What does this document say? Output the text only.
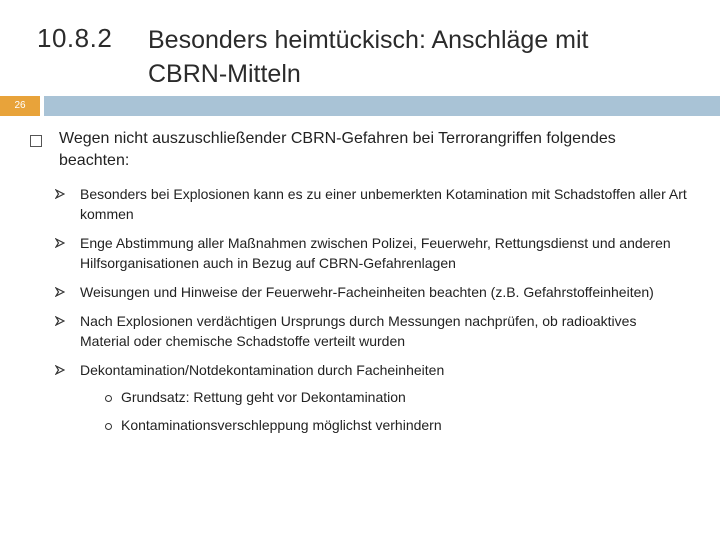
10.8.2 Besonders heimtückisch: Anschläge mit CBRN-Mitteln
26
Wegen nicht auszuschließender CBRN-Gefahren bei Terrorangriffen folgendes beachten:
Besonders bei Explosionen kann es zu einer unbemerkten Kotamination mit Schadstoffen aller Art kommen
Enge Abstimmung aller Maßnahmen zwischen Polizei, Feuerwehr, Rettungsdienst und anderen Hilfsorganisationen auch in Bezug auf CBRN-Gefahrenlagen
Weisungen und Hinweise der Feuerwehr-Facheinheiten beachten (z.B. Gefahrstoffeinheiten)
Nach Explosionen verdächtigen Ursprungs durch Messungen nachprüfen, ob radioaktives Material oder chemische Schadstoffe verteilt wurden
Dekontamination/Notdekontamination durch Facheinheiten
Grundsatz: Rettung geht vor Dekontamination
Kontaminationsverschleppung möglichst verhindern
